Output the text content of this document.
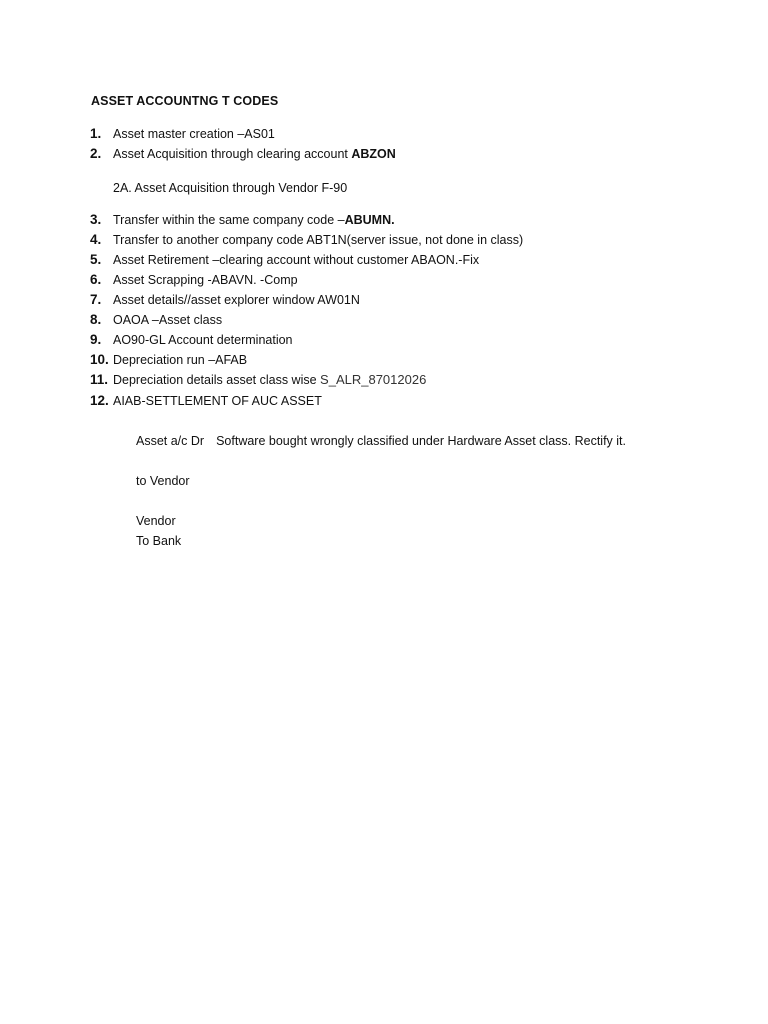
ASSET ACCOUNTNG T CODES
1. Asset master creation –AS01
2. Asset Acquisition through clearing account ABZON
2A. Asset Acquisition through Vendor F-90
3. Transfer within the same company code –ABUMN.
4. Transfer to another company code ABT1N(server issue, not done in class)
5. Asset Retirement –clearing account without customer ABAON.-Fix
6. Asset Scrapping -ABAVN. -Comp
7. Asset details//asset explorer window AW01N
8. OAOA –Asset class
9. AO90-GL Account determination
10. Depreciation run –AFAB
11. Depreciation details asset class wise S_ALR_87012026
12. AIAB-SETTLEMENT OF AUC ASSET
Asset a/c Dr Software bought wrongly classified under Hardware Asset class. Rectify it.
to Vendor
Vendor
To Bank
